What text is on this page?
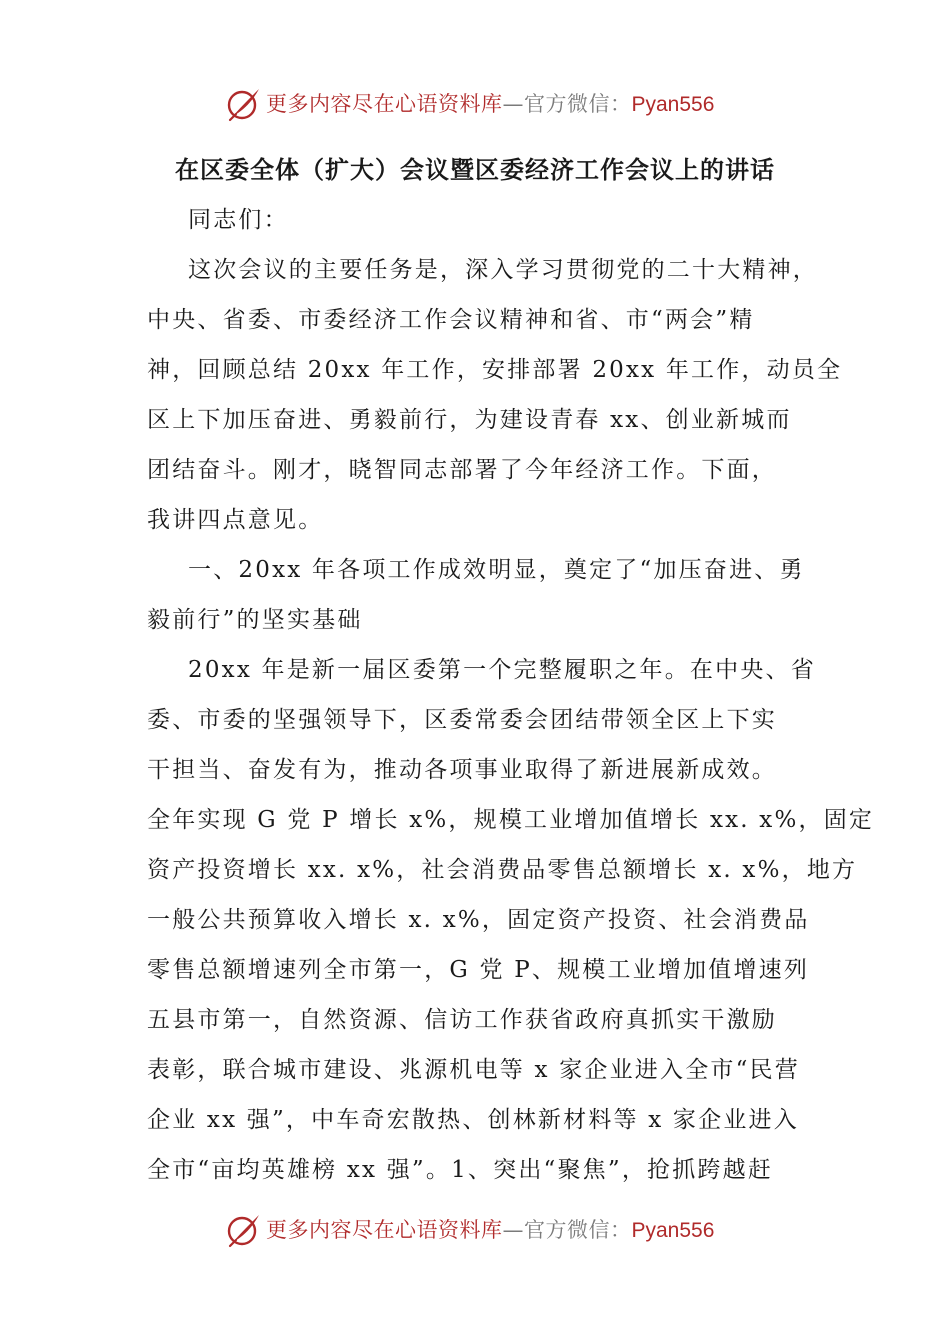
更多内容尽在心语资料库—官方微信：Pyan556
在区委全体（扩大）会议暨区委经济工作会议上的讲话
同志们：
这次会议的主要任务是，深入学习贯彻党的二十大精神，
中央、省委、市委经济工作会议精神和省、市“两会”精
神，回顾总结 20xx 年工作，安排部署 20xx 年工作，动员全
区上下加压奋进、勇毅前行，为建设青春 xx、创业新城而
团结奋斗。刚才，晓智同志部署了今年经济工作。下面，
我讲四点意见。
一、20xx 年各项工作成效明显，奠定了“加压奋进、勇
毅前行”的坚实基础
20xx 年是新一届区委第一个完整履职之年。在中央、省
委、市委的坚强领导下，区委常委会团结带领全区上下实
干担当、奋发有为，推动各项事业取得了新进展新成效。
全年实现 G 党 P 增长 x%，规模工业增加值增长 xx. x%，固定
资产投资增长 xx. x%，社会消费品零售总额增长 x. x%，地方
一般公共预算收入增长 x. x%，固定资产投资、社会消费品
零售总额增速列全市第一，G 党 P、规模工业增加值增速列
五县市第一，自然资源、信访工作获省政府真抓实干激励
表彰，联合城市建设、兆源机电等 x 家企业进入全市“民营
企业 xx 强”，中车奇宏散热、创林新材料等 x 家企业进入
全市“亩均英雄榜 xx 强”。1、突出“聚焦”，抢抓跨越赶
更多内容尽在心语资料库—官方微信：Pyan556
